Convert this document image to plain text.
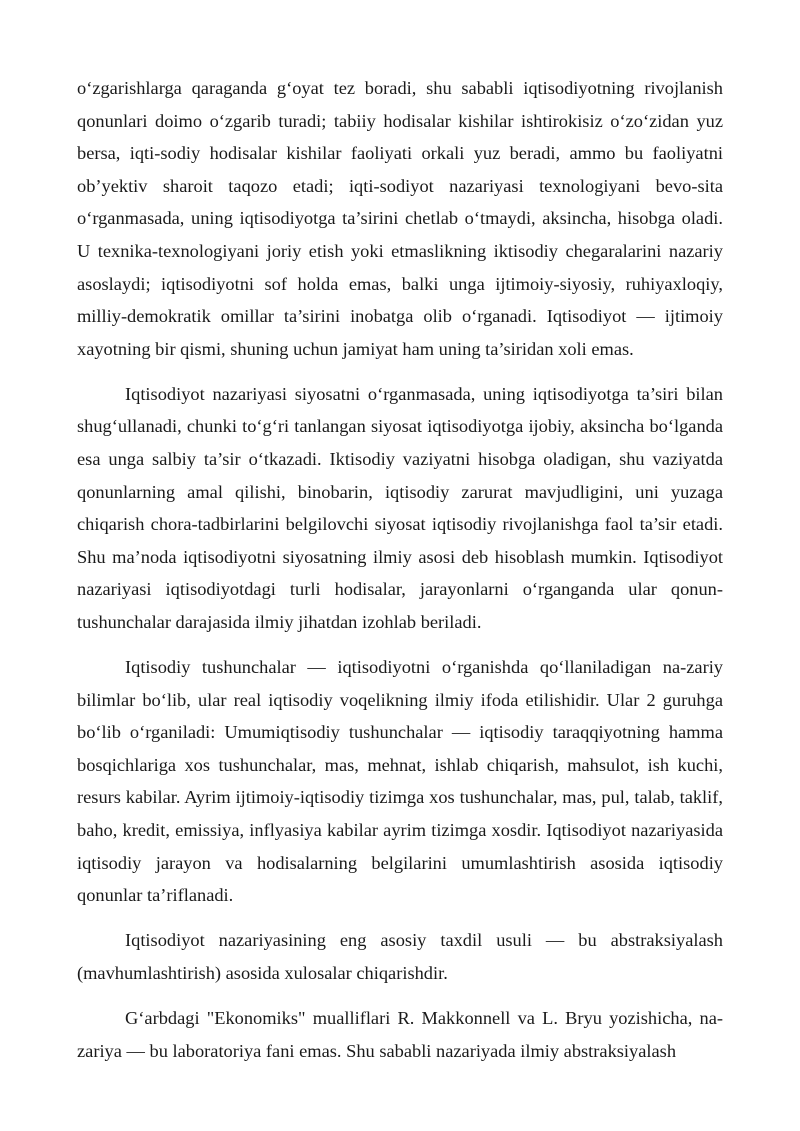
o‘zgarishlarga qaraganda g‘oyat tez boradi, shu sababli iqtisodiyotning rivojlanish qonunlari doimo o‘zgarib turadi; tabiiy hodisalar kishilar ishtirokisiz o‘zo‘zidan yuz bersa, iqti-sodiy hodisalar kishilar faoliyati orkali yuz beradi, ammo bu faoliyatni ob’yektiv sharoit taqozo etadi; iqti-sodiyot nazariyasi texnologiyani bevo-sita o‘rganmasada, uning iqtisodiyotga ta’sirini chetlab o‘tmaydi, aksincha, hisobga oladi. U texnika-texnologiyani joriy etish yoki etmaslikning iktisodiy chegaralarini nazariy asoslaydi; iqtisodiyotni sof holda emas, balki unga ijtimoiy-siyosiy, ruhiyaxloqiy, milliy-demokratik omillar ta’sirini inobatga olib o‘rganadi. Iqtisodiyot — ijtimoiy xayotning bir qismi, shuning uchun jamiyat ham uning ta’siridan xoli emas.

Iqtisodiyot nazariyasi siyosatni o‘rganmasada, uning iqtisodiyotga ta’siri bilan shug‘ullanadi, chunki to‘g‘ri tanlangan siyosat iqtisodiyotga ijobiy, aksincha bo‘lganda esa unga salbiy ta’sir o‘tkazadi. Iktisodiy vaziyatni hisobga oladigan, shu vaziyatda qonunlarning amal qilishi, binobarin, iqtisodiy zarurat mavjudligini, uni yuzaga chiqarish chora-tadbirlarini belgilovchi siyosat iqtisodiy rivojlanishga faol ta’sir etadi. Shu ma’noda iqtisodiyotni siyosatning ilmiy asosi deb hisoblash mumkin. Iqtisodiyot nazariyasi iqtisodiyotdagi turli hodisalar, jarayonlarni o‘rganganda ular qonun-tushunchalar darajasida ilmiy jihatdan izohlab beriladi.

Iqtisodiy tushunchalar — iqtisodiyotni o‘rganishda qo‘llaniladigan na-zariy bilimlar bo‘lib, ular real iqtisodiy voqelikning ilmiy ifoda etilishidir. Ular 2 guruhga bo‘lib o‘rganiladi: Umumiqtisodiy tushunchalar — iqtisodiy taraqqiyotning hamma bosqichlariga xos tushunchalar, mas, mehnat, ishlab chiqarish, mahsulot, ish kuchi, resurs kabilar. Ayrim ijtimoiy-iqtisodiy tizimga xos tushunchalar, mas, pul, talab, taklif, baho, kredit, emissiya, inflyasiya kabilar ayrim tizimga xosdir. Iqtisodiyot nazariyasida iqtisodiy jarayon va hodisalarning belgilarini umumlashtirish asosida iqtisodiy qonunlar ta’riflanadi.

Iqtisodiyot nazariyasining eng asosiy taxdil usuli — bu abstraksiyalash (mavhumlashtirish) asosida xulosalar chiqarishdir.

G‘arbdagi "Ekonomiks" mualliflari R. Makkonnell va L. Bryu yozishicha, na-zariya — bu laboratoriya fani emas. Shu sababli nazariyada ilmiy abstraksiyalash
